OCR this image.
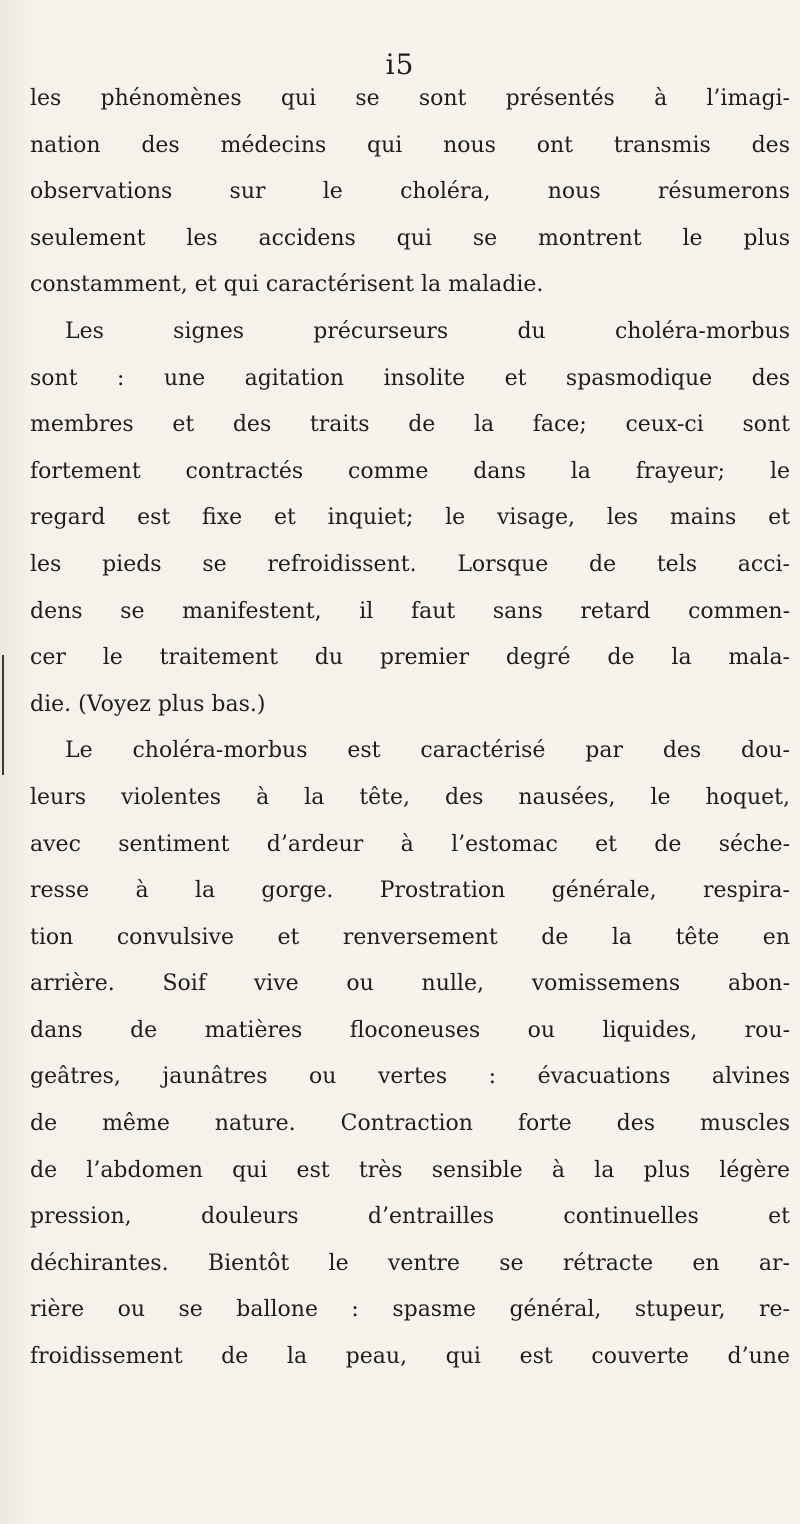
i5
les phénomènes qui se sont présentés à l’imagi-
nation des médecins qui nous ont transmis des
observations sur le choléra, nous résumerons
seulement les accidens qui se montrent le plus
constamment, et qui caractérisent la maladie.
Les signes précurseurs du choléra-morbus
sont : une agitation insolite et spasmodique des
membres et des traits de la face; ceux-ci sont
fortement contractés comme dans la frayeur; le
regard est fixe et inquiet; le visage, les mains et
les pieds se refroidissent. Lorsque de tels acci-
dens se manifestent, il faut sans retard commen-
cer le traitement du premier degré de la mala-
die. (Voyez plus bas.)
Le choléra-morbus est caractérisé par des dou-
leurs violentes à la tête, des nausées, le hoquet,
avec sentiment d’ardeur à l’estomac et de séche-
resse à la gorge. Prostration générale, respira-
tion convulsive et renversement de la tête en
arrière. Soif vive ou nulle, vomissemens abon-
dans de matières floconeuses ou liquides, rou-
geâtres, jaunâtres ou vertes : évacuations alvines
de même nature. Contraction forte des muscles
de l’abdomen qui est très sensible à la plus légère
pression, douleurs d’entrailles continuelles et
déchirantes. Bientôt le ventre se rétracte en ar-
rière ou se ballone : spasme général, stupeur, re-
froidissement de la peau, qui est couverte d’une
